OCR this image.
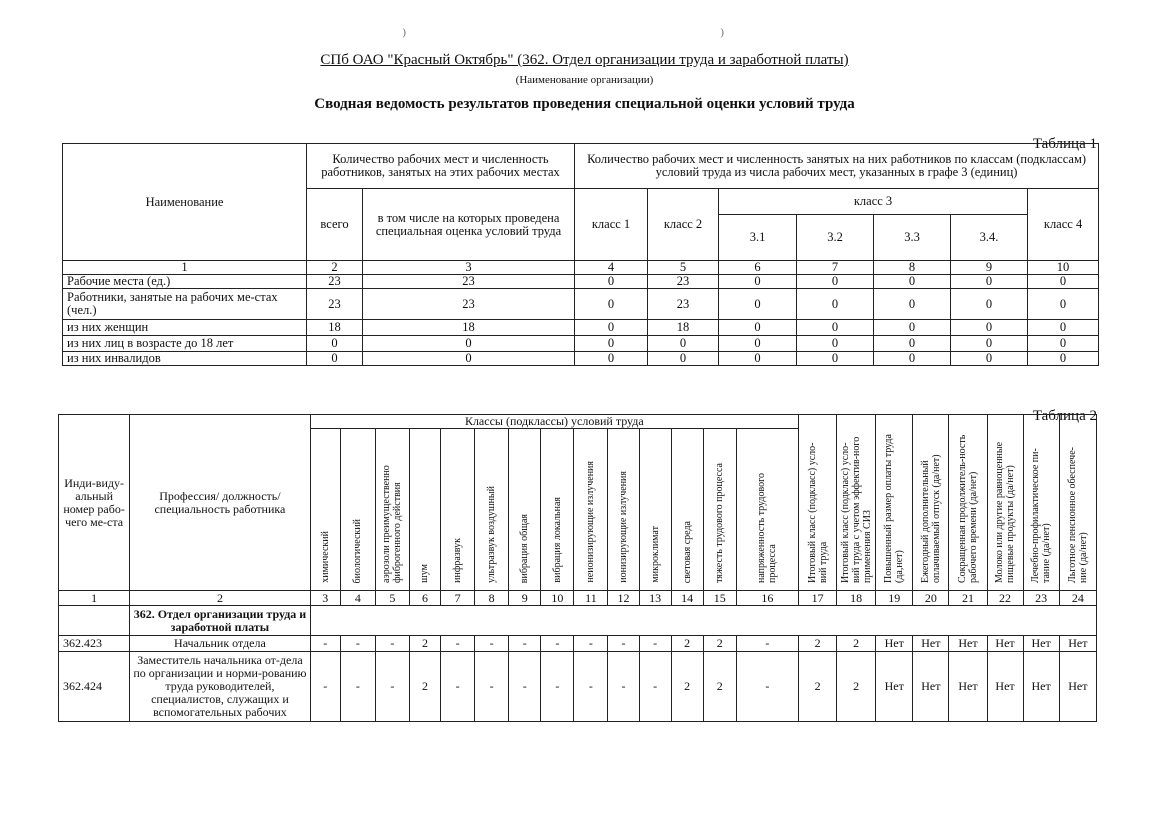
⁾	⁾
СПб ОАО "Красный Октябрь" (362. Отдел организации труда и заработной платы)
(Наименование организации)
Сводная ведомость результатов проведения специальной оценки условий труда
Таблица 1
Наименование	Количество рабочих мест и численность работников, занятых на этих рабочих местах		Количество рабочих мест и численность занятых на них работников по классам (подклассам) условий труда из числа рабочих мест, указанных в графе 3 (единиц)						
	всего	в том числе на которых проведена специальная оценка условий труда	класс 1	класс 2	класс 3				класс 4
					3.1	3.2	3.3	3.4.	
1	2	3	4	5	6	7	8	9	10
Рабочие места (ед.)	23	23	0	23	0	0	0	0	0
Работники, занятые на рабочих ме-стах (чел.)	23	23	0	23	0	0	0	0	0
из них женщин	18	18	0	18	0	0	0	0	0
из них лиц в возрасте до 18 лет	0	0	0	0	0	0	0	0	0
из них инвалидов	0	0	0	0	0	0	0	0	0
Таблица 2
Инди-виду-альный номер рабо-чего ме-ста	Профессия/ должность/ специальность работника	Классы (подклассы) условий труда														Итоговый класс (подкласс) усло-вий труда	Итоговый класс (подкласс) усло-вий труда с учетом эффектив-ного применения СИЗ	Повышенный размер оплаты труда (да,нет)	Ежегодный дополнительный оплачиваемый отпуск (да/нет)	Сокращенная продолжитель-ность рабочего времени (да/нет)	Молоко или другие равноценные пищевые продукты (да/нет)	Лечебно-профилактическое пи-тание (да/нет)	Льготное пенсионное обеспече-ние (да/нет)
		химический	биологический	аэрозоли преимущественно фиброгенного действия	шум	инфразвук	ультразвук воздушный	вибрация общая	вибрация локальная	неионизирующие излучения	ионизирующие излучения	микроклимат	световая среда	тяжесть трудового процесса	напряженность трудового процесса								
1	2	3	4	5	6	7	8	9	10	11	12	13	14	15	16	17	18	19	20	21	22	23	24
	362. Отдел организации труда и заработной платы																						
362.423	Начальник отдела	-	-	-	2	-	-	-	-	-	-	-	2	2	-	2	2	Нет	Нет	Нет	Нет	Нет	Нет
362.424	Заместитель начальника от-дела по организации и норми-рованию труда руководителей, специалистов, служащих и вспомогательных рабочих	-	-	-	2	-	-	-	-	-	-	-	2	2	-	2	2	Нет	Нет	Нет	Нет	Нет	Нет
